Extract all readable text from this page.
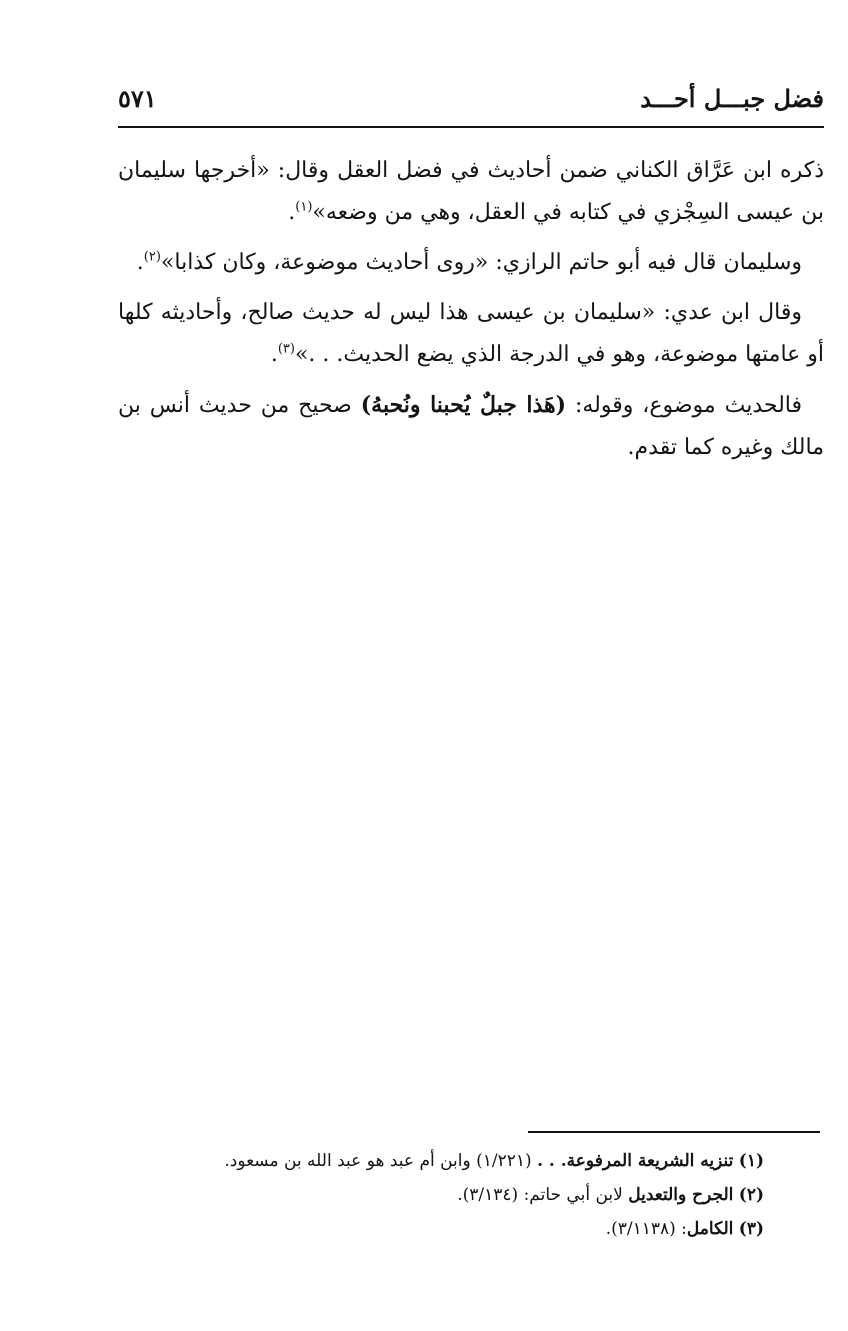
٥٧١	فضل جبـــل أحـــد

ذكره ابن عَرَّاق الكناني ضمن أحاديث في فضل العقل وقال: «أخرجها سليمان بن عيسى السِجْزي في كتابه في العقل، وهي من وضعه»$^{(١)}$.

وسليمان قال فيه أبو حاتم الرازي: «روى أحاديث موضوعة، وكان كذابا»$^{(٢)}$.

وقال ابن عدي: «سليمان بن عيسى هذا ليس له حديث صالح، وأحاديثه كلها أو عامتها موضوعة، وهو في الدرجة الذي يضع الحديث. . .»$^{(٣)}$.

فالحديث موضوع، وقوله: (هَذا جبلٌ يُحبنا ونُحبهُ) صحيح من حديث أنس بن مالك وغيره كما تقدم.

(١) تنزيه الشريعة المرفوعة. . . (١/٢٢١) وابن أم عبد هو عبد الله بن مسعود.

(٢) الجرح والتعديل لابن أبي حاتم: (٣/١٣٤).

(٣) الكامل: (٣/١١٣٨).
